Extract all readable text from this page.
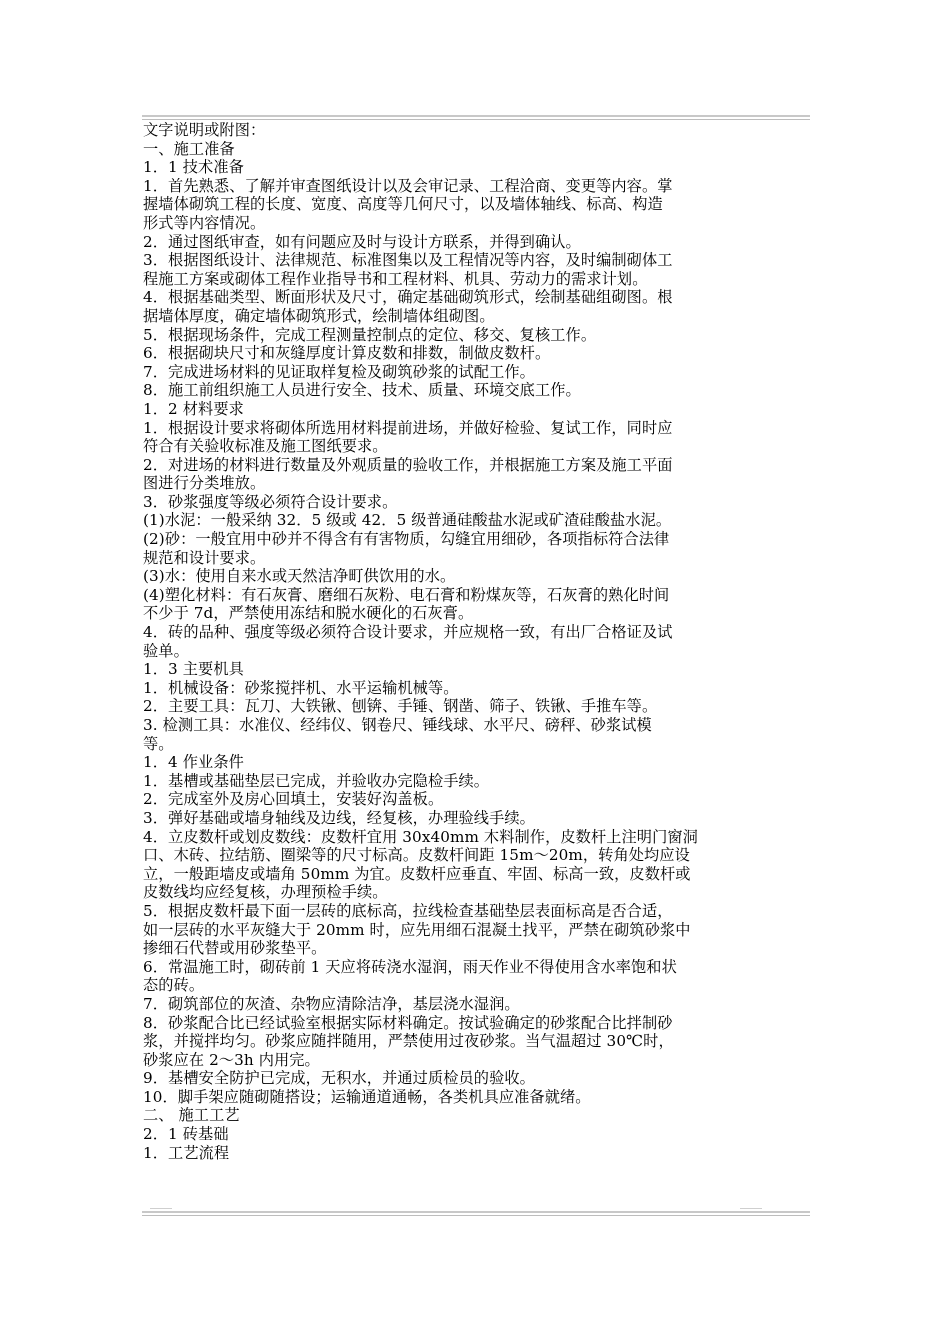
文字说明或附图：
一、施工准备
1．1 技术准备
1．首先熟悉、了解并审查图纸设计以及会审记录、工程洽商、变更等内容。掌
握墙体砌筑工程的长度、宽度、高度等几何尺寸，以及墙体轴线、标高、构造
形式等内容情况。
2．通过图纸审查，如有问题应及时与设计方联系，并得到确认。
3．根据图纸设计、法律规范、标准图集以及工程情况等内容，及时编制砌体工
程施工方案或砌体工程作业指导书和工程材料、机具、劳动力的需求计划。
4．根据基础类型、断面形状及尺寸，确定基础砌筑形式，绘制基础组砌图。根
据墙体厚度，确定墙体砌筑形式，绘制墙体组砌图。
5．根据现场条件，完成工程测量控制点的定位、移交、复核工作。
6．根据砌块尺寸和灰缝厚度计算皮数和排数，制做皮数杆。
7．完成进场材料的见证取样复检及砌筑砂浆的试配工作。
8．施工前组织施工人员进行安全、技术、质量、环境交底工作。
1．2 材料要求
1．根据设计要求将砌体所选用材料提前进场，并做好检验、复试工作，同时应
符合有关验收标准及施工图纸要求。
2．对进场的材料进行数量及外观质量的验收工作，并根据施工方案及施工平面
图进行分类堆放。
3．砂浆强度等级必须符合设计要求。
(1)水泥：一般采纳 32．5 级或 42．5 级普通硅酸盐水泥或矿渣硅酸盐水泥。
(2)砂：一般宜用中砂并不得含有有害物质，勾缝宜用细砂，各项指标符合法律
规范和设计要求。
(3)水：使用自来水或天然洁净町供饮用的水。
(4)塑化材料：有石灰膏、磨细石灰粉、电石膏和粉煤灰等，石灰膏的熟化时间
不少于 7d，严禁使用冻结和脱水硬化的石灰膏。
4．砖的品种、强度等级必须符合设计要求，并应规格一致，有出厂合格证及试
验单。
1．3 主要机具
1．机械设备：砂浆搅拌机、水平运输机械等。
2．主要工具：瓦刀、大铁锹、刨锛、手锤、钢凿、筛子、铁锹、手推车等。
3. 检测工具：水准仪、经纬仪、钢卷尺、锤线球、水平尺、磅秤、砂浆试模
等。
1．4 作业条件
1．基槽或基础垫层已完成，并验收办完隐检手续。
2．完成室外及房心回填土，安装好沟盖板。
3．弹好基础或墙身轴线及边线，经复核，办理验线手续。
4．立皮数杆或划皮数线：皮数杆宜用 30x40mm 木料制作，皮数杆上注明门窗洞
口、木砖、拉结筋、圈梁等的尺寸标高。皮数杆间距 15m～20m，转角处均应设
立，一般距墙皮或墙角 50mm 为宜。皮数杆应垂直、牢固、标高一致，皮数杆或
皮数线均应经复核，办理预检手续。
5．根据皮数杆最下面一层砖的底标高，拉线检查基础垫层表面标高是否合适，
如一层砖的水平灰缝大于 20mm 时，应先用细石混凝土找平，严禁在砌筑砂浆中
掺细石代替或用砂浆垫平。
6．常温施工时，砌砖前 1 天应将砖浇水湿润，雨天作业不得使用含水率饱和状
态的砖。
7．砌筑部位的灰渣、杂物应清除洁净，基层浇水湿润。
8．砂浆配合比已经试验室根据实际材料确定。按试验确定的砂浆配合比拌制砂
浆，并搅拌均匀。砂浆应随拌随用，严禁使用过夜砂浆。当气温超过 30℃时，
砂浆应在 2～3h 内用完。
9．基槽安全防护已完成，无积水，并通过质检员的验收。
10．脚手架应随砌随搭设；运输通道通畅，各类机具应准备就绪。
二、 施工工艺
2．1 砖基础
1．工艺流程
